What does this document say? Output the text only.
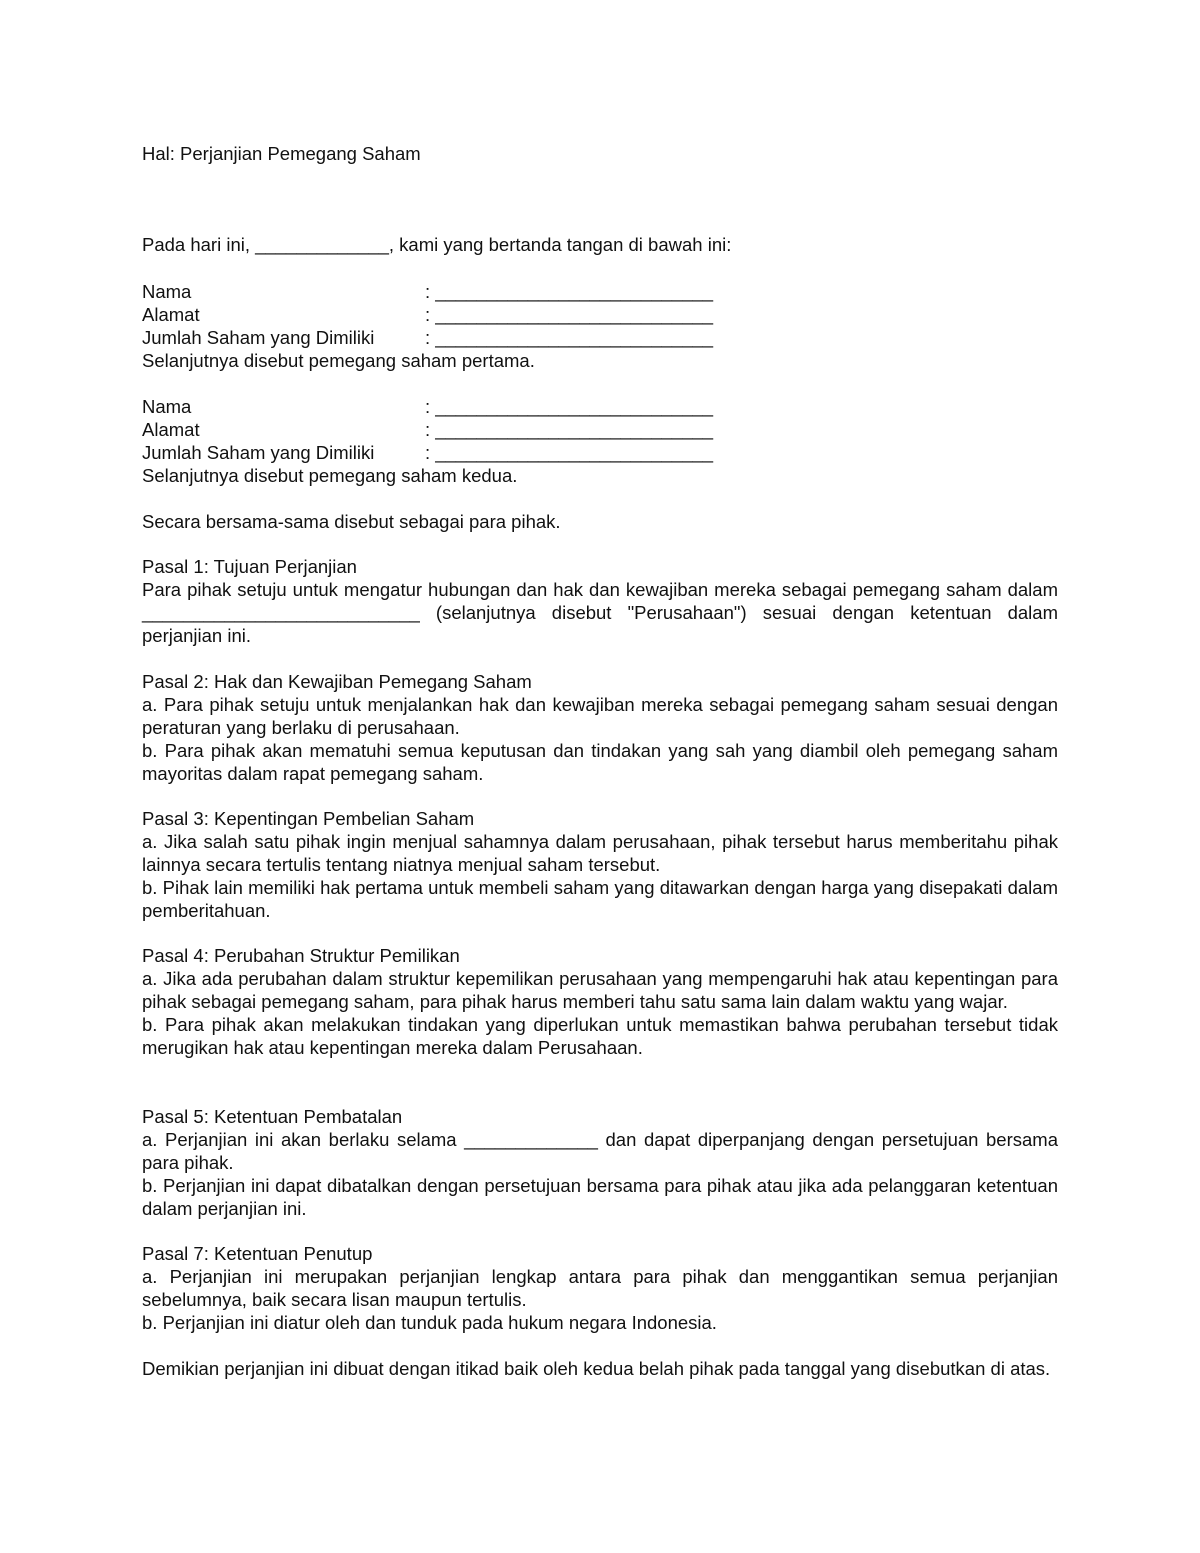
Hal: Perjanjian Pemegang Saham
Pada hari ini, _____________, kami yang bertanda tangan di bawah ini:
Nama	: ___________________________
Alamat	: ___________________________
Jumlah Saham yang Dimiliki	: ___________________________
Selanjutnya disebut pemegang saham pertama.
Nama	: ___________________________
Alamat	: ___________________________
Jumlah Saham yang Dimiliki	: ___________________________
Selanjutnya disebut pemegang saham kedua.
Secara bersama-sama disebut sebagai para pihak.
Pasal 1: Tujuan Perjanjian
Para pihak setuju untuk mengatur hubungan dan hak dan kewajiban mereka sebagai pemegang saham dalam ___________________________ (selanjutnya disebut "Perusahaan") sesuai dengan ketentuan dalam perjanjian ini.
Pasal 2: Hak dan Kewajiban Pemegang Saham
a. Para pihak setuju untuk menjalankan hak dan kewajiban mereka sebagai pemegang saham sesuai dengan peraturan yang berlaku di perusahaan.
b. Para pihak akan mematuhi semua keputusan dan tindakan yang sah yang diambil oleh pemegang saham mayoritas dalam rapat pemegang saham.
Pasal 3: Kepentingan Pembelian Saham
a. Jika salah satu pihak ingin menjual sahamnya dalam perusahaan, pihak tersebut harus memberitahu pihak lainnya secara tertulis tentang niatnya menjual saham tersebut.
b. Pihak lain memiliki hak pertama untuk membeli saham yang ditawarkan dengan harga yang disepakati dalam pemberitahuan.
Pasal 4: Perubahan Struktur Pemilikan
a. Jika ada perubahan dalam struktur kepemilikan perusahaan yang mempengaruhi hak atau kepentingan para pihak sebagai pemegang saham, para pihak harus memberi tahu satu sama lain dalam waktu yang wajar.
b. Para pihak akan melakukan tindakan yang diperlukan untuk memastikan bahwa perubahan tersebut tidak merugikan hak atau kepentingan mereka dalam Perusahaan.
Pasal 5: Ketentuan Pembatalan
a. Perjanjian ini akan berlaku selama _____________ dan dapat diperpanjang dengan persetujuan bersama para pihak.
b. Perjanjian ini dapat dibatalkan dengan persetujuan bersama para pihak atau jika ada pelanggaran ketentuan dalam perjanjian ini.
Pasal 7: Ketentuan Penutup
a. Perjanjian ini merupakan perjanjian lengkap antara para pihak dan menggantikan semua perjanjian sebelumnya, baik secara lisan maupun tertulis.
b. Perjanjian ini diatur oleh dan tunduk pada hukum negara Indonesia.
Demikian perjanjian ini dibuat dengan itikad baik oleh kedua belah pihak pada tanggal yang disebutkan di atas.
